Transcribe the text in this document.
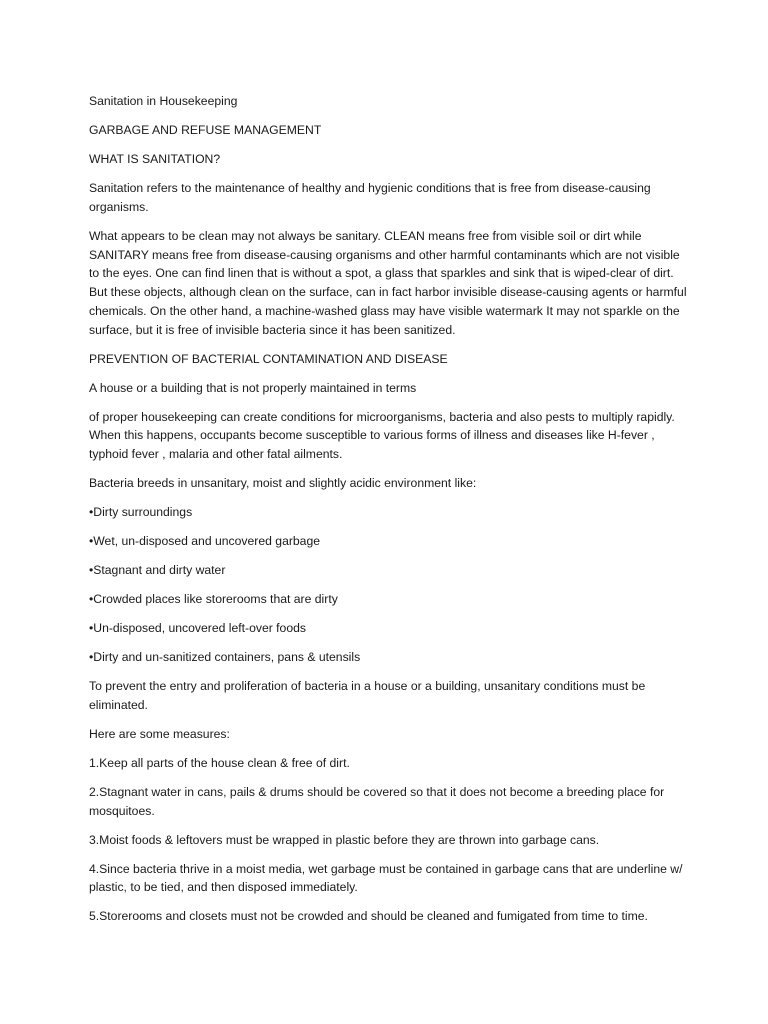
Sanitation in Housekeeping

GARBAGE AND REFUSE MANAGEMENT

WHAT IS SANITATION?

Sanitation refers to the maintenance of healthy and hygienic conditions that is free from disease-causing organisms.

What appears to be clean may not always be sanitary. CLEAN means free from visible soil or dirt while SANITARY means free from disease-causing organisms and other harmful contaminants which are not visible to the eyes. One can find linen that is without a spot, a glass that sparkles and sink that is wiped-clear of dirt. But these objects, although clean on the surface, can in fact harbor invisible disease-causing agents or harmful chemicals. On the other hand, a machine-washed glass may have visible watermark It may not sparkle on the surface, but it is free of invisible bacteria since it has been sanitized.

PREVENTION OF BACTERIAL CONTAMINATION AND DISEASE

A house or a building that is not properly maintained in terms

of proper housekeeping can create conditions for microorganisms, bacteria and also pests to multiply rapidly. When this happens, occupants become susceptible to various forms of illness and diseases like H-fever , typhoid fever , malaria and other fatal ailments.

Bacteria breeds in unsanitary, moist and slightly acidic environment like:

•Dirty surroundings

•Wet, un-disposed and uncovered garbage

•Stagnant and dirty water

•Crowded places like storerooms that are dirty

•Un-disposed, uncovered left-over foods

•Dirty and un-sanitized containers, pans & utensils

To prevent the entry and proliferation of bacteria in a house or a building, unsanitary conditions must be eliminated.

Here are some measures:

1.Keep all parts of the house clean & free of dirt.

2.Stagnant water in cans, pails & drums should be covered so that it does not become a breeding place for mosquitoes.

3.Moist foods & leftovers must be wrapped in plastic before they are thrown into garbage cans.

4.Since bacteria thrive in a moist media, wet garbage must be contained in garbage cans that are underline w/ plastic, to be tied, and then disposed immediately.

5.Storerooms and closets must not be crowded and should be cleaned and fumigated from time to time.
